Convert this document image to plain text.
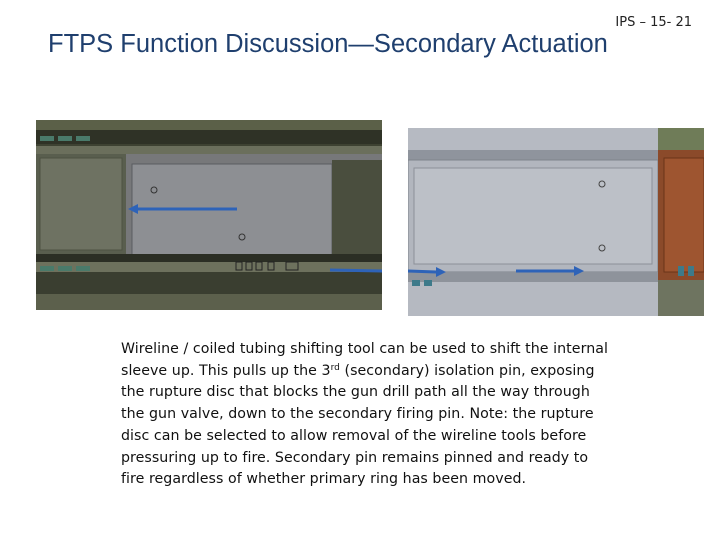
IPS – 15- 21
FTPS Function Discussion—Secondary Actuation
Wireline / coiled tubing shifting tool can be used to shift the internal sleeve up. This pulls up the 3rd (secondary) isolation pin, exposing the rupture disc that blocks the gun drill path all the way through the gun valve, down to the secondary firing pin. Note: the rupture disc can be selected to allow removal of the wireline tools before pressuring up to fire. Secondary pin remains pinned and ready to fire regardless of whether primary ring has been moved.
